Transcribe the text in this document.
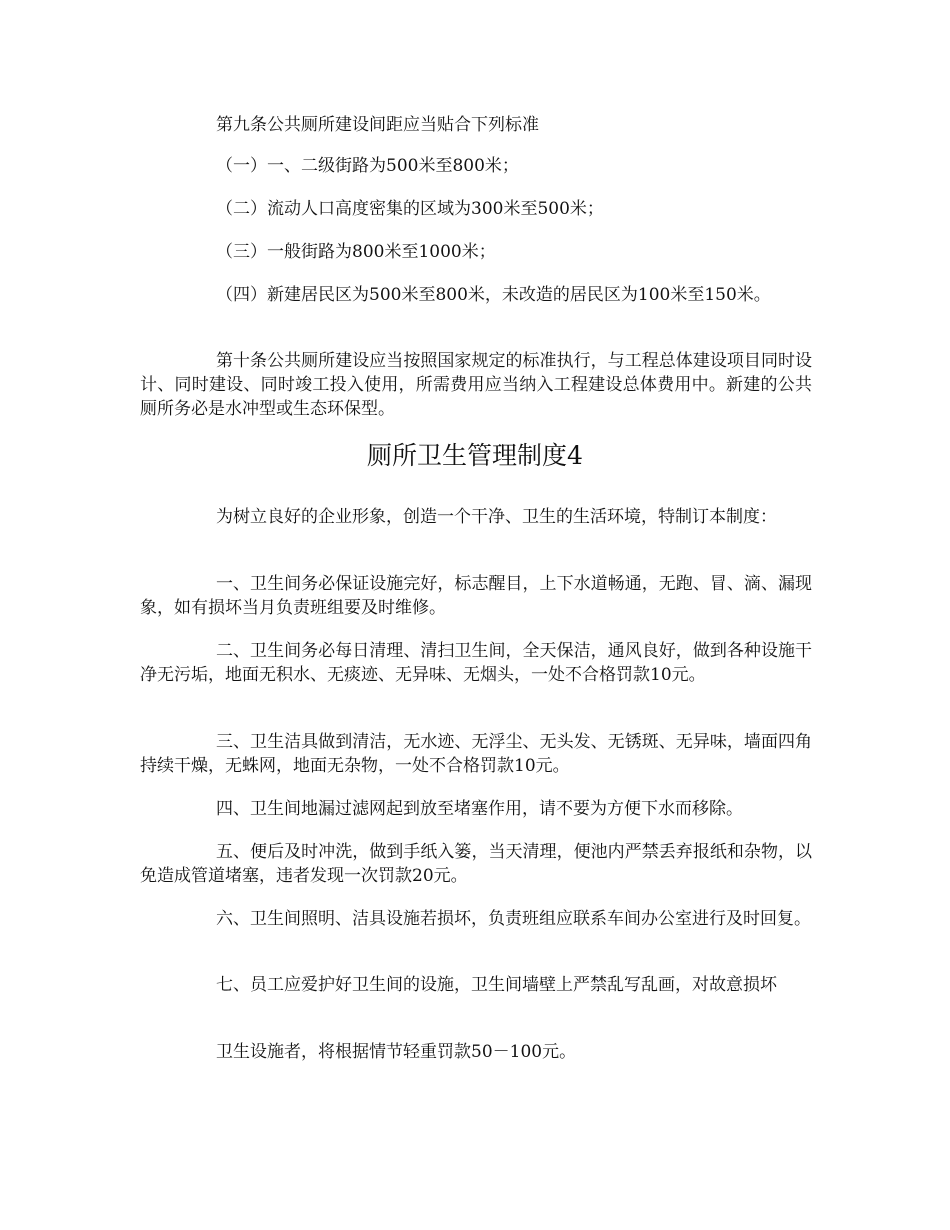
第九条公共厕所建设间距应当贴合下列标准

（一）一、二级街路为500米至800米；

（二）流动人口高度密集的区域为300米至500米；

（三）一般街路为800米至1000米；

（四）新建居民区为500米至800米，未改造的居民区为100米至150米。

第十条公共厕所建设应当按照国家规定的标准执行，与工程总体建设项目同时设计、同时建设、同时竣工投入使用，所需费用应当纳入工程建设总体费用中。新建的公共厕所务必是水冲型或生态环保型。

厕所卫生管理制度4

为树立良好的企业形象，创造一个干净、卫生的生活环境，特制订本制度：

一、卫生间务必保证设施完好，标志醒目，上下水道畅通，无跑、冒、滴、漏现象，如有损坏当月负责班组要及时维修。

二、卫生间务必每日清理、清扫卫生间，全天保洁，通风良好，做到各种设施干净无污垢，地面无积水、无痰迹、无异味、无烟头，一处不合格罚款10元。

三、卫生洁具做到清洁，无水迹、无浮尘、无头发、无锈斑、无异味，墙面四角持续干燥，无蛛网，地面无杂物，一处不合格罚款10元。

四、卫生间地漏过滤网起到放至堵塞作用，请不要为方便下水而移除。

五、便后及时冲洗，做到手纸入篓，当天清理，便池内严禁丢弃报纸和杂物，以免造成管道堵塞，违者发现一次罚款20元。

六、卫生间照明、洁具设施若损坏，负责班组应联系车间办公室进行及时回复。

七、员工应爱护好卫生间的设施，卫生间墙壁上严禁乱写乱画，对故意损坏

卫生设施者，将根据情节轻重罚款50－100元。
